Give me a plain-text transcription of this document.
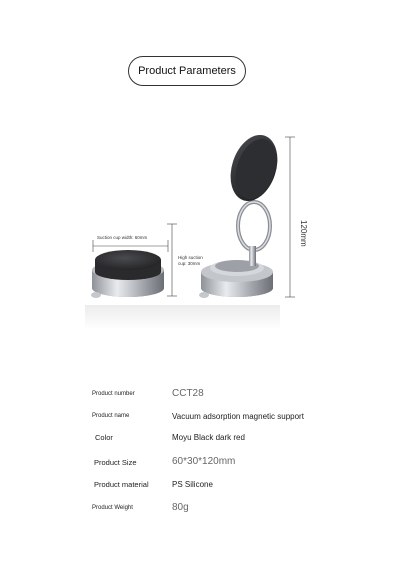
Product Parameters
Suction cup width: 60mm
High suction
cup: 30mm
120mm
Product number	CCT28
Product name	Vacuum adsorption magnetic support
Color	Moyu Black dark red
Product Size	60*30*120mm
Product material	PS Silicone
Product Weight	80g
